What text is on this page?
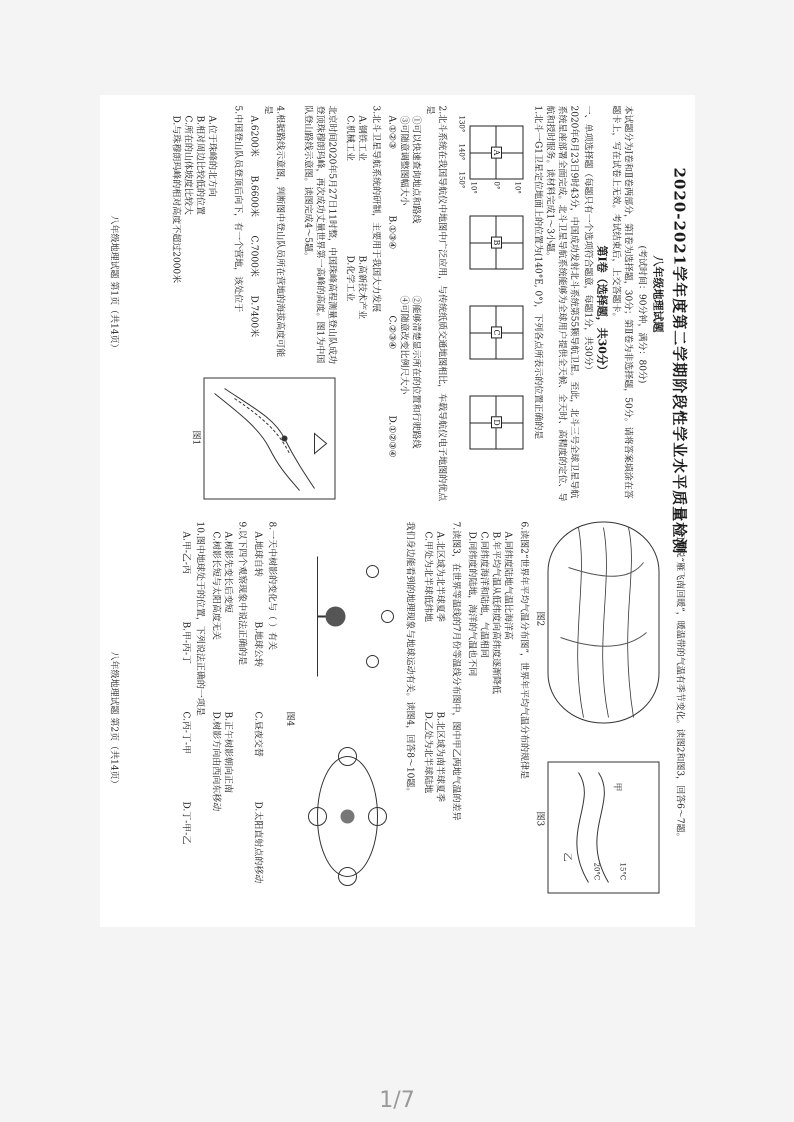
2020-2021学年度第二学期阶段性学业水平质量检测
八年级地理试题
(考试时间：90分钟，满分：80分)
本试题分为Ⅰ卷和Ⅱ卷两部分，第Ⅰ卷为选择题，30分；第Ⅱ卷为非选择题，50分。请将答案填涂在答题卡上，写在试卷上无效。考试结束后，上交答题卡。
第Ⅰ卷（选择题，共30分）
一、单项选择题（每题只有一个选项符合题意，每题1分，共30分）
2020年6月23日9时43分，中国成功发射北斗系统第55颗导航卫星。至此，北斗三号全球卫星导航系统星座部署全面完成。北斗卫星导航系统能够为全球用户提供全天候、全天时、高精度的定位、导航和授时服务。读材料完成1～3小题。
1.北斗一G1卫星定位地面上的位置为(140°E, 0°)，下列各点所表示的位置正确的是
A
B
C
D
130°
140°
150°	10°
0°
10°
2.北斗系统在我国导航仪中地图中广泛应用，与传统纸质交通地图相比，车载导航仪电子地图的优点是
①可以快速查询地点和路线
②能够清楚显示所在的位置和行驶路线
③可随意调整图幅大小
④可随意改变比例尺大小
A.①②③
B.①③④
C.②③④
D.①②③④
3.北斗卫星导航系统的研制，主要用于我国大力发展
A.钢铁工业
B.高新技术产业
C.机械工业
D.化学工业
北京时间2020年5月27日11时整，中国珠峰高程测量登山队成功登顶珠穆朗玛峰，再次成功丈量世界第一高峰的高度。图1为中国队登山路线示意图。读图完成4～5题。
4.根据路线示意图，判断图中登山队员所在营地的海拔高度可能是
A.6200米
B.6600米
C.7000米
D.7400米
5.中国登山队员登顶后向下，有一个营地，该处位于
A.位于珠峰的北方向
B.相对周边比较低的位置
C.所在的山体坡度比较大
D.与珠穆朗玛峰的相对高度不超过2000米
图1
八年级地理试题 第1页（共14页）
人们常说“雁飞南回暖”，暖温带的气温有季节变化。读图2和图3，回答6～7题。
图2
甲
乙
15°C
20°C
图3
6.读图2“世界年平均气温分布图”，世界年平均气温分布的规律是
A.同纬度陆地气温比海洋高
B.年平均气温从低纬度向高纬度逐渐降低
C.同纬度海洋和陆地，气温相同
D.同纬度的陆地，海洋的气温也不同
7.读图3，在世界等温线的7月份等温线分布图中，图中甲乙两地气温的差异
A.北区域为北半球夏季
B.北区域为南半球夏季
C.甲处为北半球低纬地
D.乙处为北半球陆地
我们身边能看到的地理现象与地球运动有关。读图4，回答8～10题。
图4
8.一天中树影的变化与（ ）有关
A.地球自转
B.地球公转
C.昼夜交替
D.太阳直射点的移动
9.以下四个观察现象中说法正确的是
A.树影先变长后变短
B.正午树影朝向正南
C.树影长短与太阳高度无关
D.树影方向由西向东移动
10.图中地球处于的位置，下列说法正确的一项是
A.甲-乙-丙
B.甲-丙-丁
C.丙-丁-甲
D.丁-甲-乙
八年级地理试题 第2页（共14页）
1/7
